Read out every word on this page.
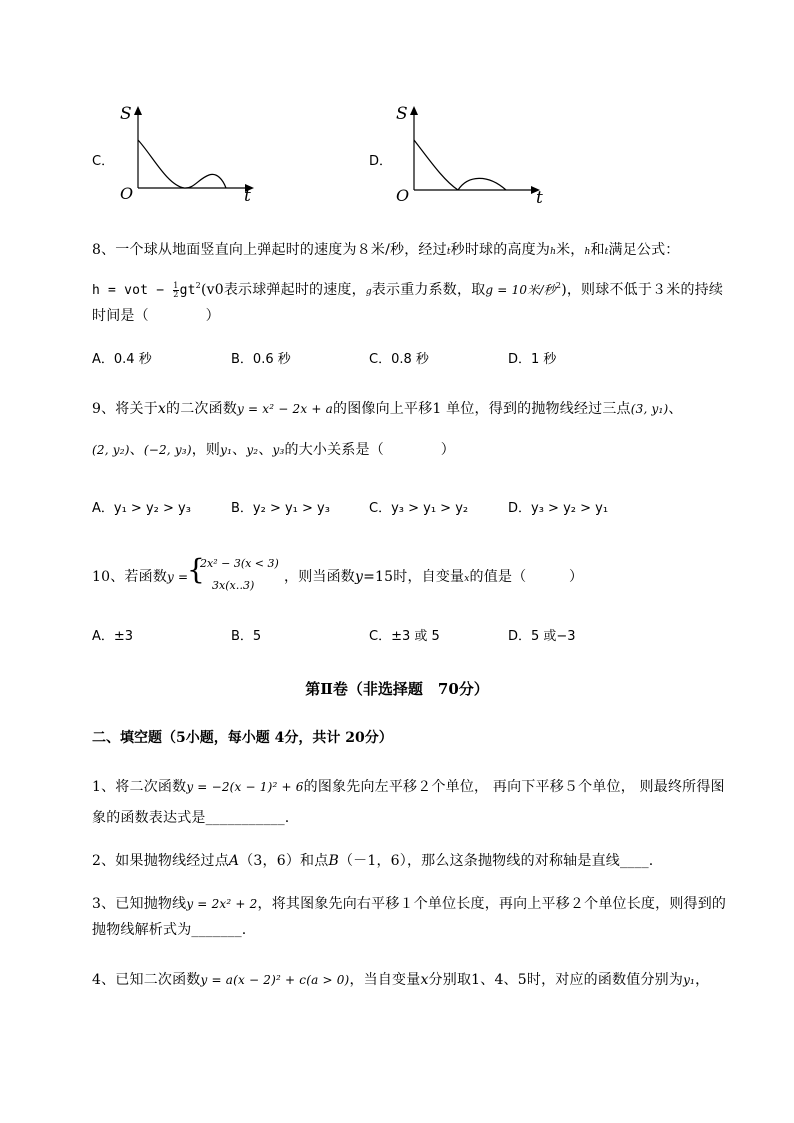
C．
S
O	t
D．
S
O	t
8、一个球从地面竖直向上弹起时的速度为８米/秒，经过t秒时球的高度为h米，h和t满足公式：
h = vot − $\frac{1}{2} gt^2(v0$表示球弹起时的速度，g表示重力系数，取g = 10米/秒$^2$)，则球不低于３米的持续
时间是（　　　　）
A．0.4 秒	B．0.6 秒	C．0.8 秒	D．1 秒
9、将关于x的二次函数y = x² − 2x + a的图像向上平移1 单位，得到的抛物线经过三点(3, y₁)、
(2, y₂)、(−2, y₃)，则y₁、y₂、y₃的大小关系是（　　　　）
A．y₁ > y₂ > y₃	B．y₂ > y₁ > y₃	C．y₃ > y₁ > y₂	D．y₃ > y₂ > y₁
10、若函数y =
{
2x² − 3(x < 3)
3x(x‥3)
，则当函数y=15时，自变量x的值是（　　　）
A．±3	B．5	C．±3 或 5	D．5 或−3
第Ⅱ卷（非选择题　70分）
二、填空题（5小题，每小题 4分，共计 20分）
1、将二次函数y = −2(x − 1)² + 6的图象先向左平移２个单位， 再向下平移５个单位， 则最终所得图
象的函数表达式是___________.
2、如果抛物线经过点A（3，6）和点B（－1，6），那么这条抛物线的对称轴是直线____.
3、已知抛物线y = 2x² + 2，将其图象先向右平移１个单位长度，再向上平移２个单位长度，则得到的
抛物线解析式为_______.
4、已知二次函数y = a(x − 2)² + c(a > 0)，当自变量x分别取1、4、5时，对应的函数值分别为y₁，
